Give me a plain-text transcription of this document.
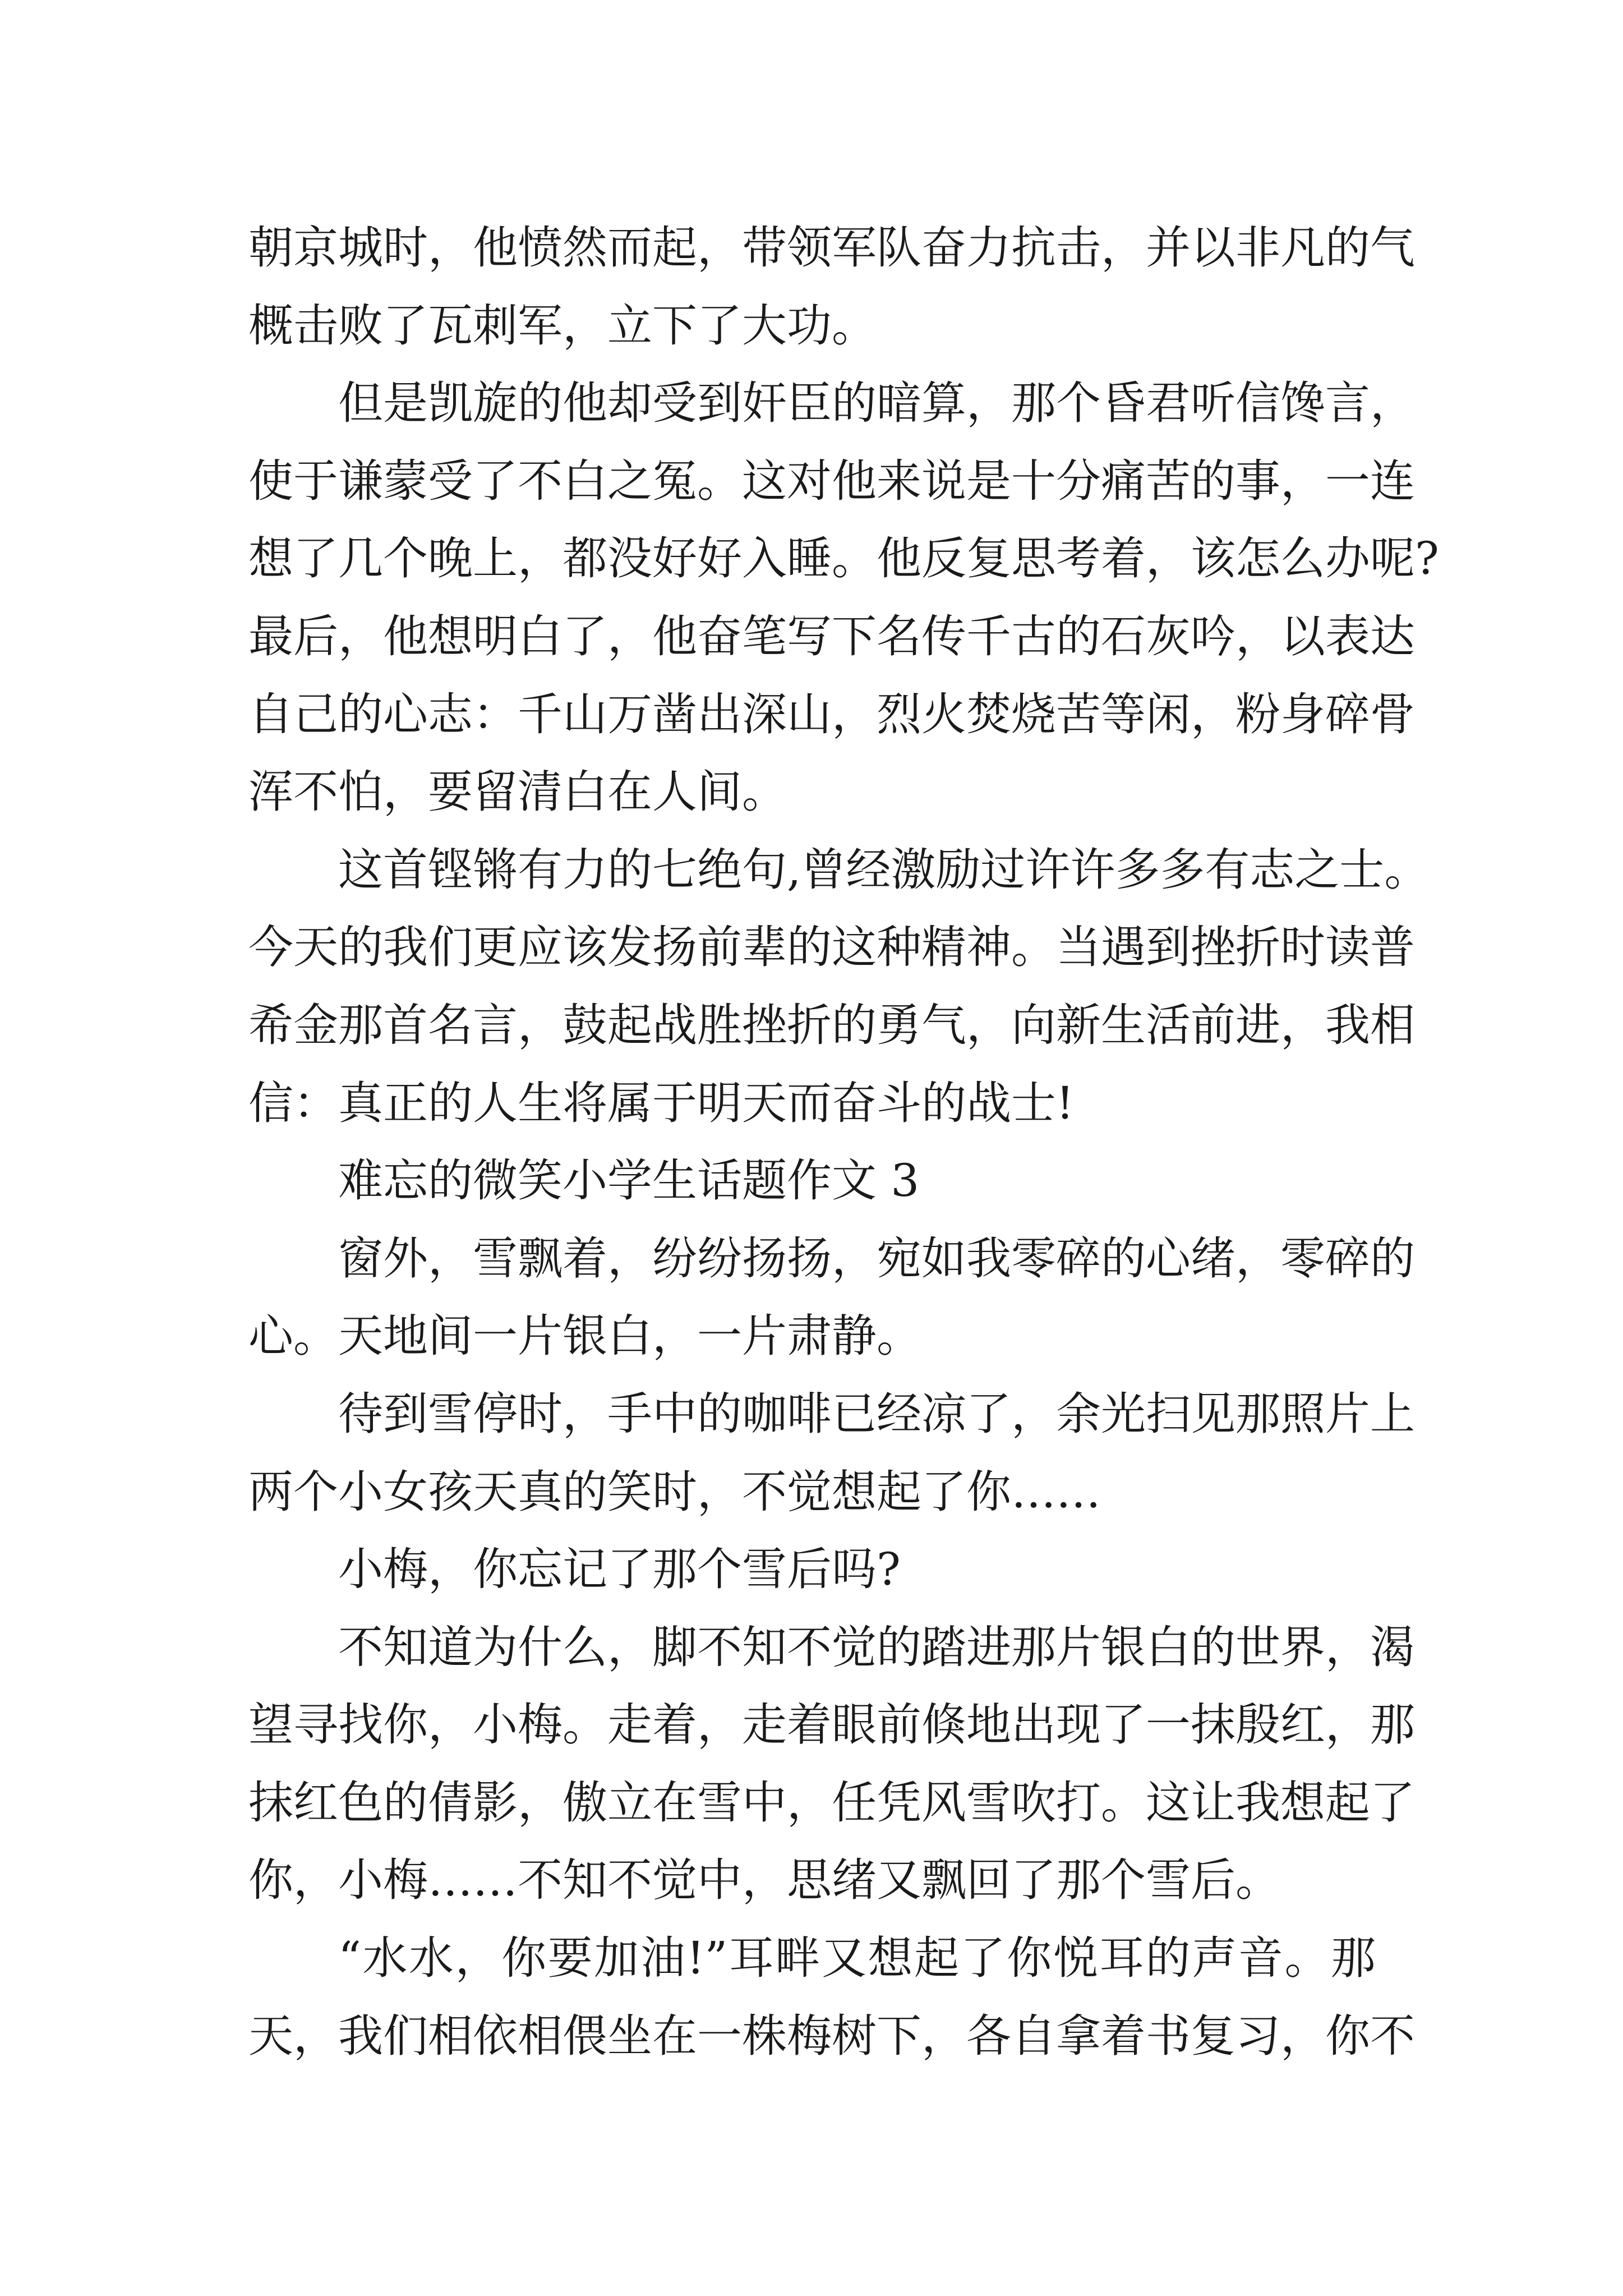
朝京城时，他愤然而起，带领军队奋力抗击，并以非凡的气
概击败了瓦刺军，立下了大功。
但是凯旋的他却受到奸臣的暗算，那个昏君听信馋言，
使于谦蒙受了不白之冤。这对他来说是十分痛苦的事，一连
想了几个晚上，都没好好入睡。他反复思考着，该怎么办呢?
最后，他想明白了，他奋笔写下名传千古的石灰吟，以表达
自己的心志：千山万凿出深山，烈火焚烧苦等闲，粉身碎骨
浑不怕，要留清白在人间。
这首铿锵有力的七绝句,曾经激励过许许多多有志之士。
今天的我们更应该发扬前辈的这种精神。当遇到挫折时读普
希金那首名言，鼓起战胜挫折的勇气，向新生活前进，我相
信：真正的人生将属于明天而奋斗的战士!
难忘的微笑小学生话题作文 3
窗外，雪飘着，纷纷扬扬，宛如我零碎的心绪，零碎的
心。天地间一片银白，一片肃静。
待到雪停时，手中的咖啡已经凉了，余光扫见那照片上
两个小女孩天真的笑时，不觉想起了你……
小梅，你忘记了那个雪后吗?
不知道为什么，脚不知不觉的踏进那片银白的世界，渴
望寻找你，小梅。走着，走着眼前倏地出现了一抹殷红，那
抹红色的倩影，傲立在雪中，任凭风雪吹打。这让我想起了
你，小梅……不知不觉中，思绪又飘回了那个雪后。
“水水，你要加油!”耳畔又想起了你悦耳的声音。那
天，我们相依相偎坐在一株梅树下，各自拿着书复习，你不
